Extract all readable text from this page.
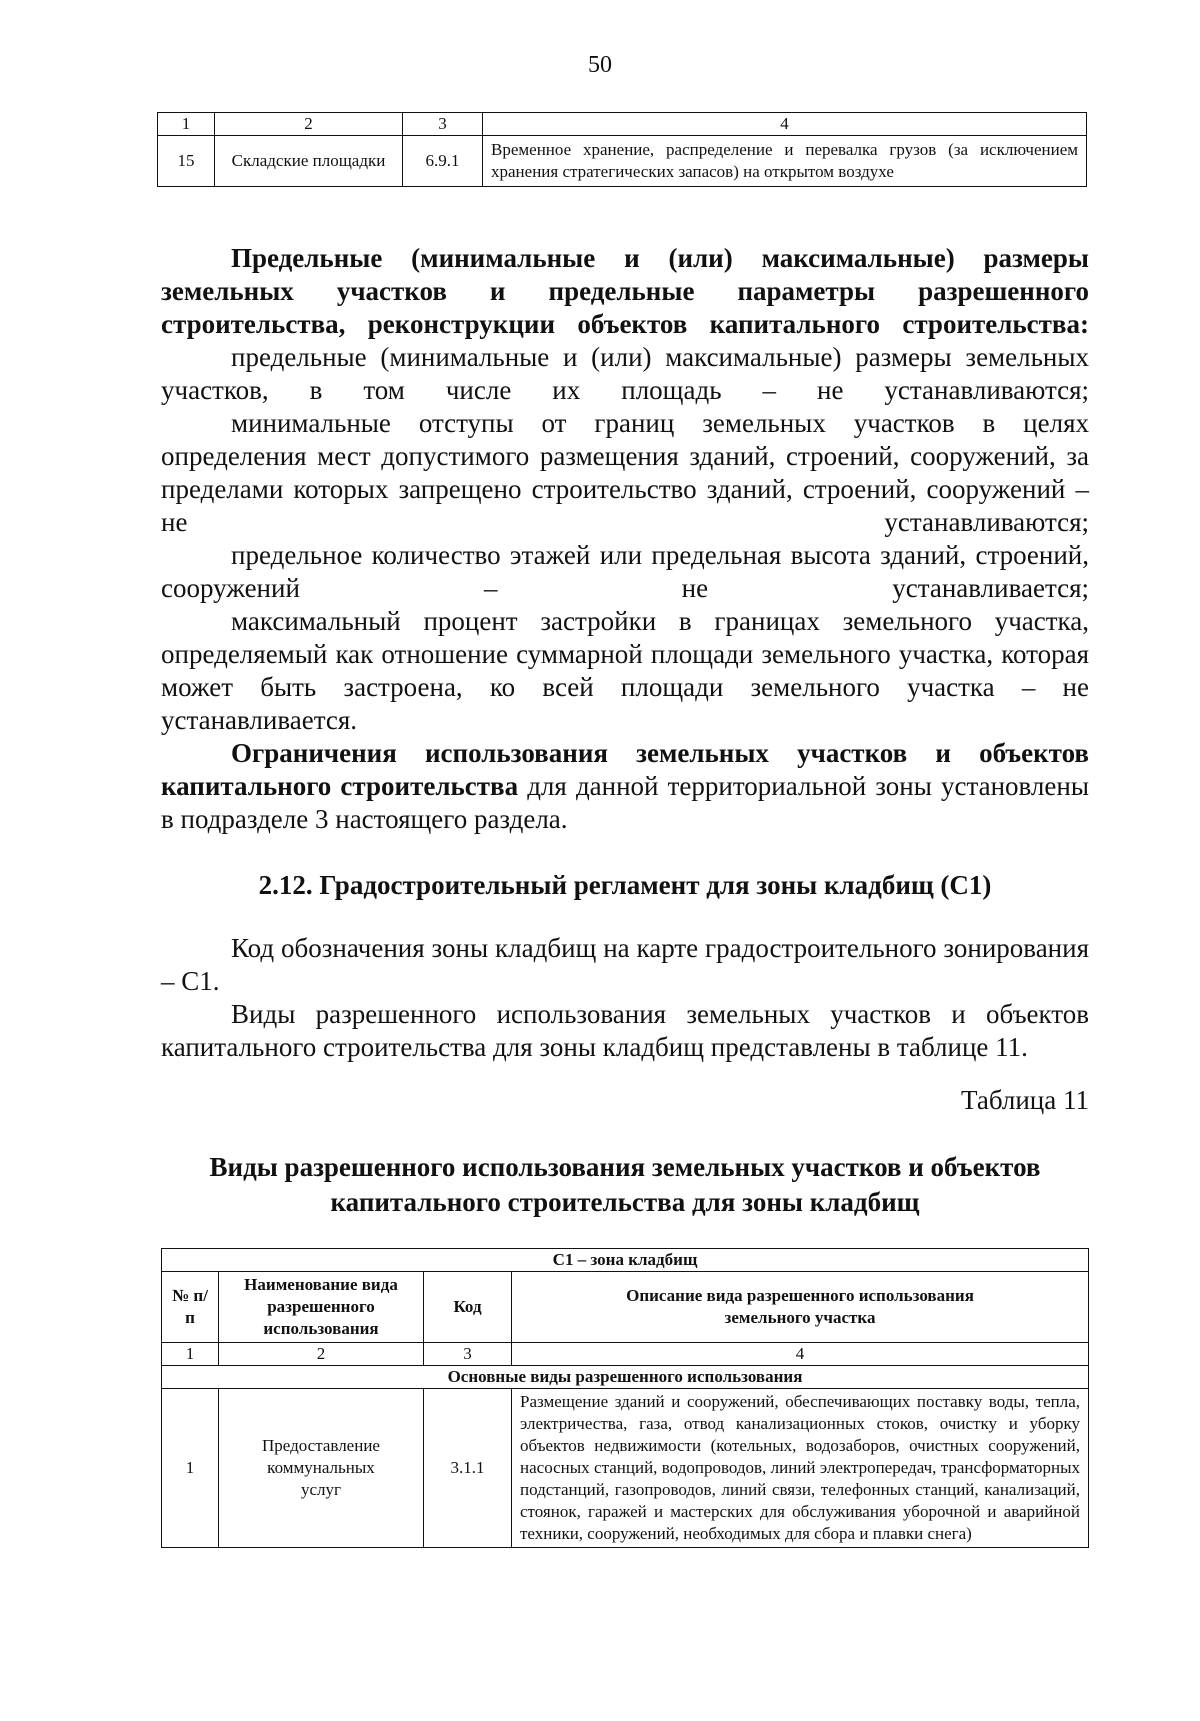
50
1	2	3	4
15	Складские площадки	6.9.1	Временное хранение, распределение и перевалка грузов (за исключением хранения стратегических запасов) на открытом воздухе

Предельные (минимальные и (или) максимальные) размеры земельных участков и предельные параметры разрешенного строительства, реконструкции объектов капитального строительства:

предельные (минимальные и (или) максимальные) размеры земельных участков, в том числе их площадь – не устанавливаются;

минимальные отступы от границ земельных участков в целях определения мест допустимого размещения зданий, строений, сооружений, за пределами которых запрещено строительство зданий, строений, сооружений – не устанавливаются;

предельное количество этажей или предельная высота зданий, строений, сооружений – не устанавливается;

максимальный процент застройки в границах земельного участка, определяемый как отношение суммарной площади земельного участка, которая может быть застроена, ко всей площади земельного участка – не устанавливается.

Ограничения использования земельных участков и объектов капитального строительства для данной территориальной зоны установлены в подразделе 3 настоящего раздела.

2.12. Градостроительный регламент для зоны кладбищ (С1)

Код обозначения зоны кладбищ на карте градостроительного зонирования – С1.

Виды разрешенного использования земельных участков и объектов капитального строительства для зоны кладбищ представлены в таблице 11.

Таблица 11
Виды разрешенного использования земельных участков и объектов
капитального строительства для зоны кладбищ
С1 – зона кладбищ			
№ п/п	Наименование вида разрешенного использования	Код	Описание вида разрешенного использования земельного участка
1	2	3	4
Основные виды разрешенного использования			
1	Предоставление коммунальных услуг	3.1.1	Размещение зданий и сооружений, обеспечивающих поставку воды, тепла, электричества, газа, отвод канализационных стоков, очистку и уборку объектов недвижимости (котельных, водозаборов, очистных сооружений, насосных станций, водопроводов, линий электропередач, трансформаторных подстанций, газопроводов, линий связи, телефонных станций, канализаций, стоянок, гаражей и мастерских для обслуживания уборочной и аварийной техники, сооружений, необходимых для сбора и плавки снега)
